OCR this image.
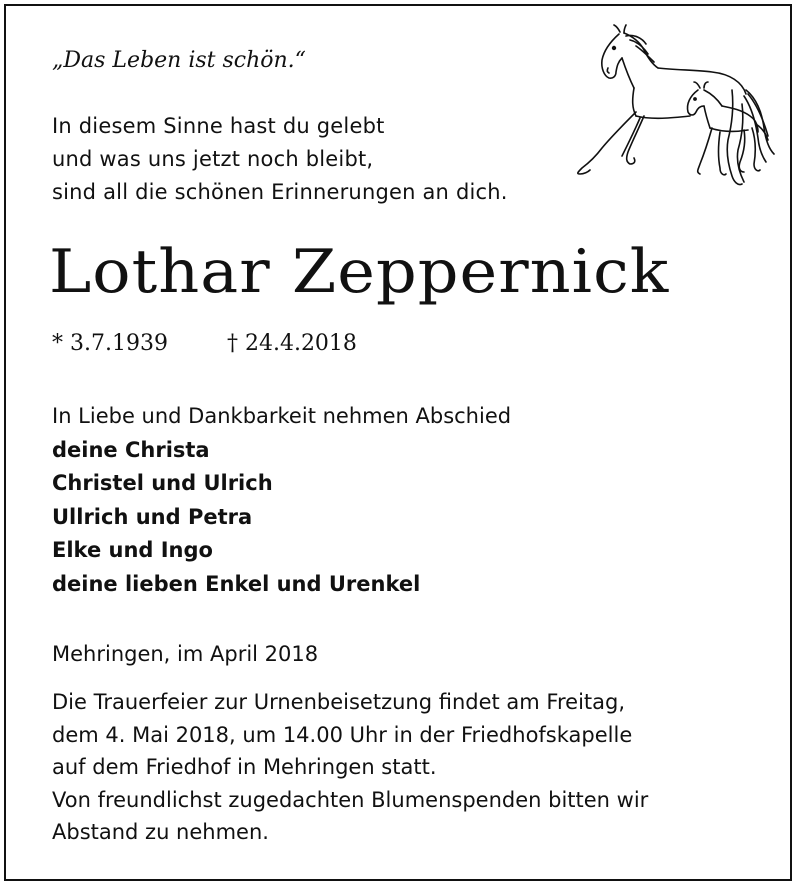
„Das Leben ist schön.“
In diesem Sinne hast du gelebt
und was uns jetzt noch bleibt,
sind all die schönen Erinnerungen an dich.
Lothar Zeppernick
* 3.7.1939	† 24.4.2018
In Liebe und Dankbarkeit nehmen Abschied
deine Christa
Christel und Ulrich
Ullrich und Petra
Elke und Ingo
deine lieben Enkel und Urenkel
Mehringen, im April 2018
Die Trauerfeier zur Urnenbeisetzung findet am Freitag,
dem 4. Mai 2018, um 14.00 Uhr in der Friedhofskapelle
auf dem Friedhof in Mehringen statt.
Von freundlichst zugedachten Blumenspenden bitten wir
Abstand zu nehmen.
